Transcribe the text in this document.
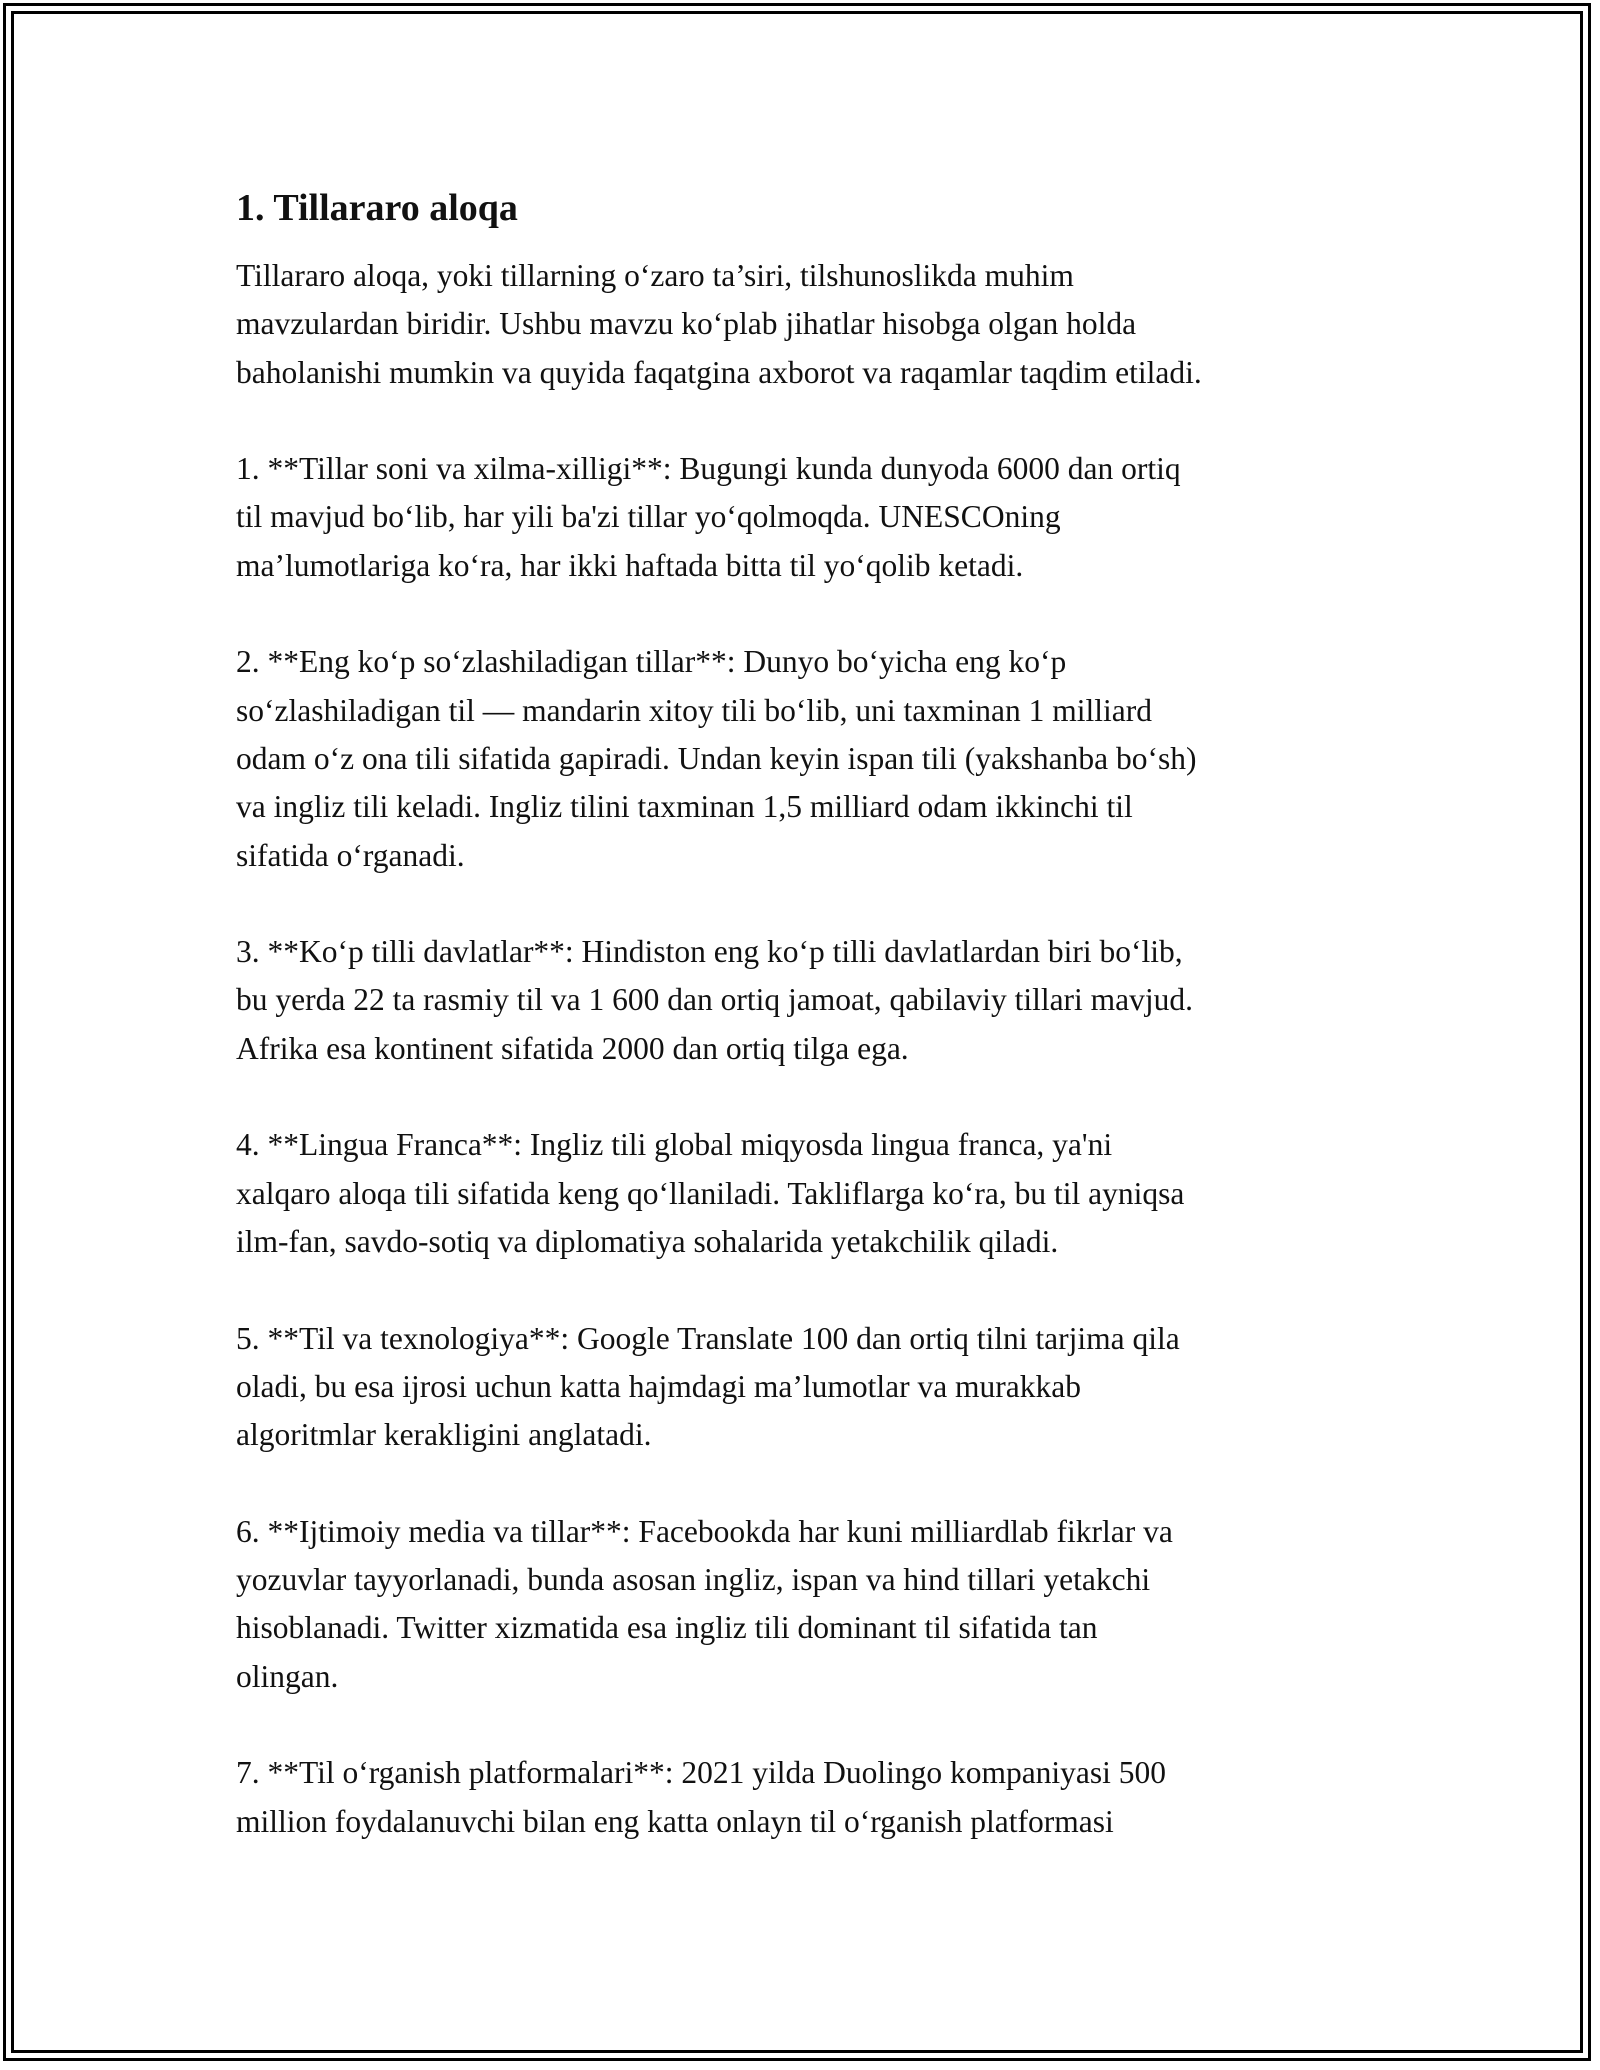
1. Tillararo aloqa
Tillararo aloqa, yoki tillarning o‘zaro ta’siri, tilshunoslikda muhim
mavzulardan biridir. Ushbu mavzu ko‘plab jihatlar hisobga olgan holda
baholanishi mumkin va quyida faqatgina axborot va raqamlar taqdim etiladi.
1. **Tillar soni va xilma-xilligi**: Bugungi kunda dunyoda 6000 dan ortiq
til mavjud bo‘lib, har yili ba'zi tillar yo‘qolmoqda. UNESCOning
ma’lumotlariga ko‘ra, har ikki haftada bitta til yo‘qolib ketadi.
2. **Eng ko‘p so‘zlashiladigan tillar**: Dunyo bo‘yicha eng ko‘p
so‘zlashiladigan til — mandarin xitoy tili bo‘lib, uni taxminan 1 milliard
odam o‘z ona tili sifatida gapiradi. Undan keyin ispan tili (yakshanba bo‘sh)
va ingliz tili keladi. Ingliz tilini taxminan 1,5 milliard odam ikkinchi til
sifatida o‘rganadi.
3. **Ko‘p tilli davlatlar**: Hindiston eng ko‘p tilli davlatlardan biri bo‘lib,
bu yerda 22 ta rasmiy til va 1 600 dan ortiq jamoat, qabilaviy tillari mavjud.
Afrika esa kontinent sifatida 2000 dan ortiq tilga ega.
4. **Lingua Franca**: Ingliz tili global miqyosda lingua franca, ya'ni
xalqaro aloqa tili sifatida keng qo‘llaniladi. Takliflarga ko‘ra, bu til ayniqsa
ilm-fan, savdo-sotiq va diplomatiya sohalarida yetakchilik qiladi.
5. **Til va texnologiya**: Google Translate 100 dan ortiq tilni tarjima qila
oladi, bu esa ijrosi uchun katta hajmdagi ma’lumotlar va murakkab
algoritmlar kerakligini anglatadi.
6. **Ijtimoiy media va tillar**: Facebookda har kuni milliardlab fikrlar va
yozuvlar tayyorlanadi, bunda asosan ingliz, ispan va hind tillari yetakchi
hisoblanadi. Twitter xizmatida esa ingliz tili dominant til sifatida tan
olingan.
7. **Til o‘rganish platformalari**: 2021 yilda Duolingo kompaniyasi 500
million foydalanuvchi bilan eng katta onlayn til o‘rganish platformasi
